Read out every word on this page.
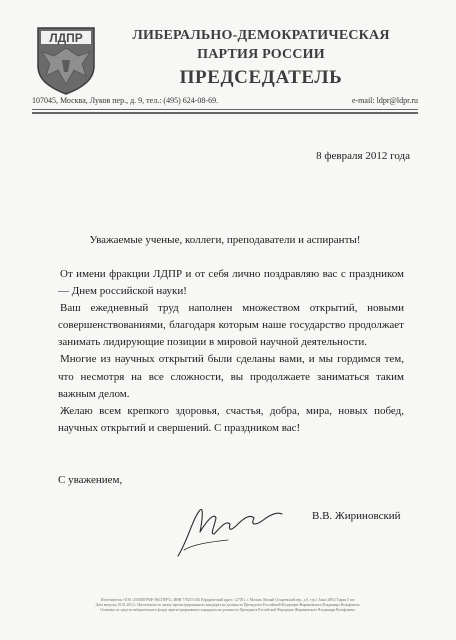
ЛДПР	ЛИБЕРАЛЬНО-ДЕМОКРАТИЧЕСКАЯ
ПАРТИЯ РОССИИ
ПРЕДСЕДАТЕЛЬ
107045, Москва, Луков пер., д. 9, тел.: (495) 624-08-69.	e-mail: ldpr@ldpr.ru
8 февраля 2012 года
Уважаемые ученые, коллеги, преподаватели и аспиранты!

От имени фракции ЛДПР и от себя лично поздравляю вас с праздником — Днем российской науки!

Ваш ежедневный труд наполнен множеством открытий, новыми совершенствованиями, благодаря которым наше государство продолжает занимать лидирующие позиции в мировой научной деятельности.

Многие из научных открытий были сделаны вами, и мы гордимся тем, что несмотря на все сложности, вы продолжаете заниматься таким важным делом.

Желаю всем крепкого здоровья, счастья, добра, мира, новых побед, научных открытий и свершений. С праздником вас!

С уважением,
В.В. Жириновский
Изготовитель: ООО «ПОЛИГРАФ-ЭКСПЕРТ», ИНН 7702351361 Юридический адрес: 127051, г. Москва, Малый Сухаревский пер., д.9, стр.1 Заказ 280/2 Тираж 5 шт.
Дата выпуска 19.01.2012 г. Изготовлено по заказу зарегистрированного кандидата на должность Президента Российской Федерации Жириновского Владимира Вольфовича.
Оплачено из средств избирательного фонда зарегистрированного кандидата на должность Президента Российской Федерации Жириновского Владимира Вольфовича.
